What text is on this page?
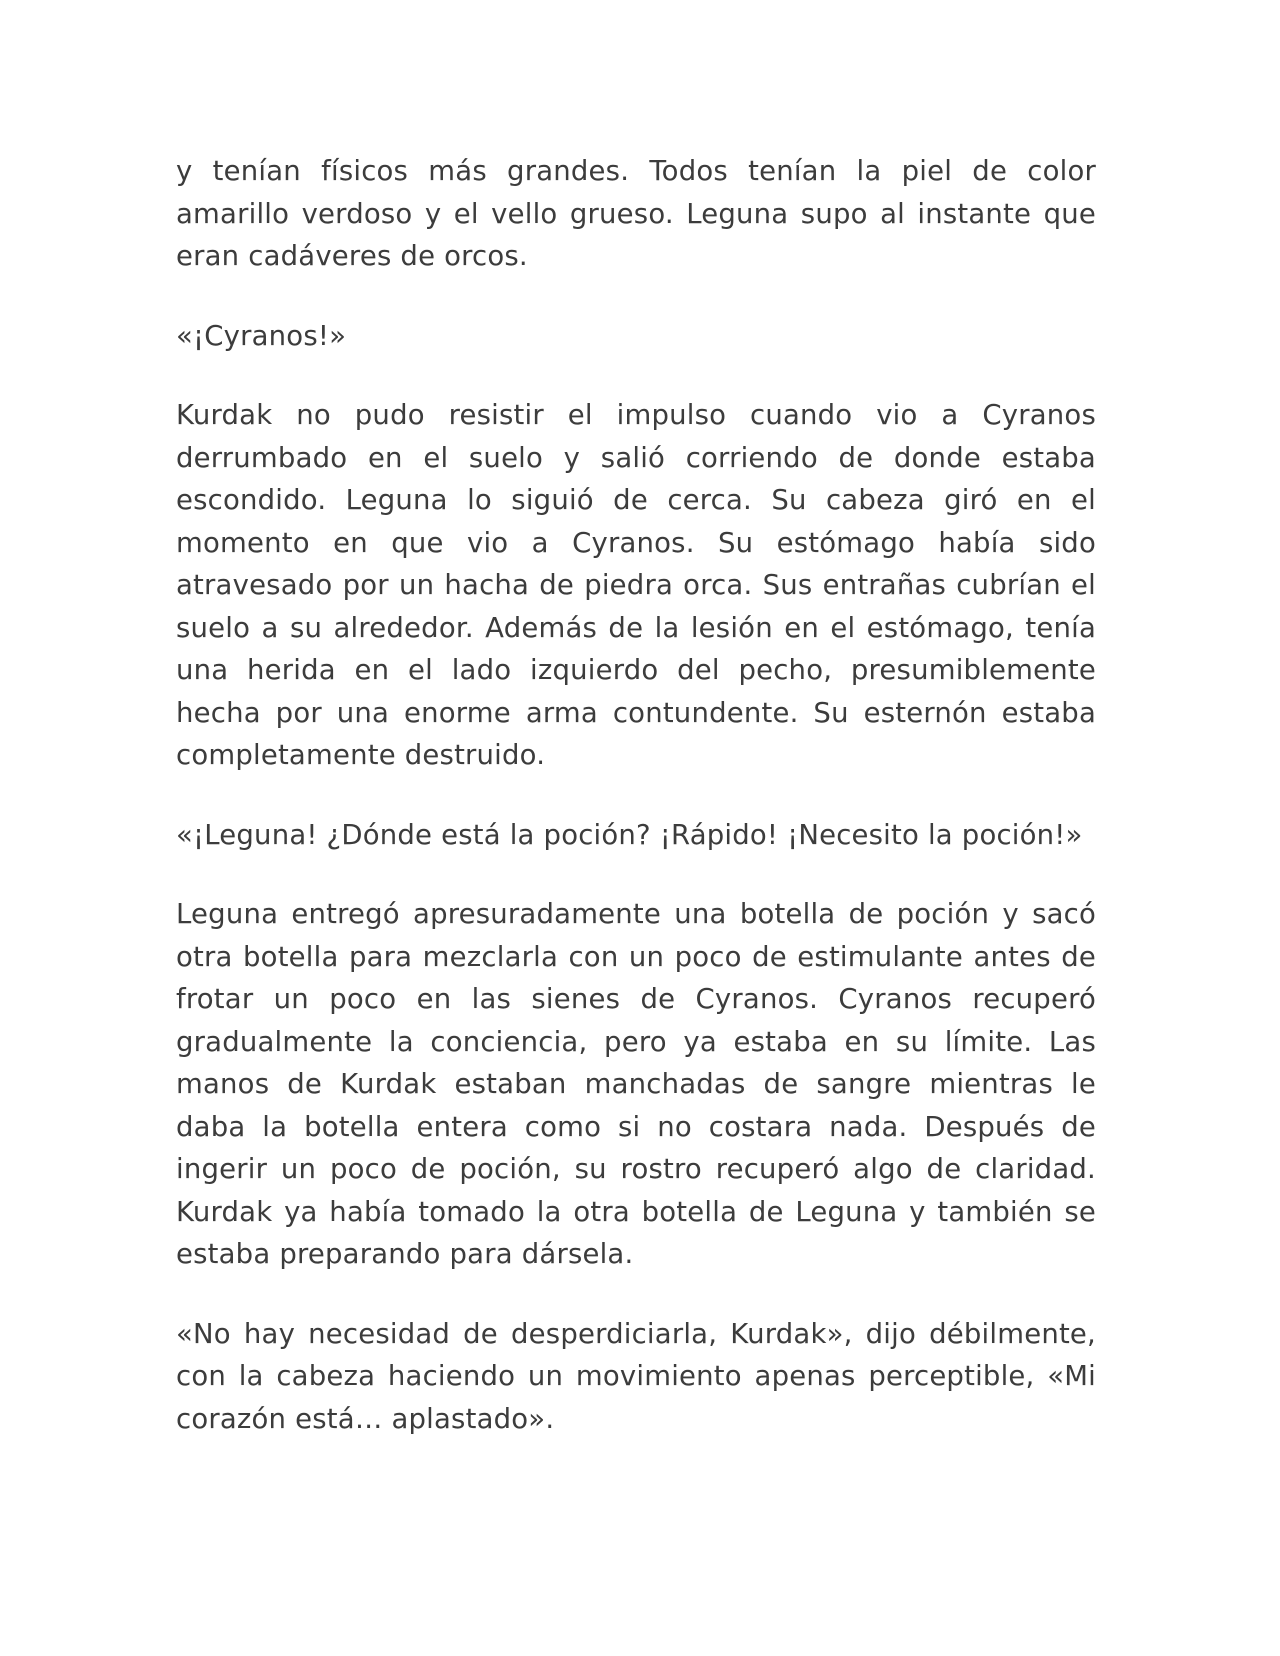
y tenían físicos más grandes. Todos tenían la piel de color amarillo verdoso y el vello grueso. Leguna supo al instante que eran cadáveres de orcos.

«¡Cyranos!»

Kurdak no pudo resistir el impulso cuando vio a Cyranos derrumbado en el suelo y salió corriendo de donde estaba escondido. Leguna lo siguió de cerca. Su cabeza giró en el momento en que vio a Cyranos. Su estómago había sido atravesado por un hacha de piedra orca. Sus entrañas cubrían el suelo a su alrededor. Además de la lesión en el estómago, tenía una herida en el lado izquierdo del pecho, presumiblemente hecha por una enorme arma contundente. Su esternón estaba completamente destruido.

«¡Leguna! ¿Dónde está la poción? ¡Rápido! ¡Necesito la poción!»

Leguna entregó apresuradamente una botella de poción y sacó otra botella para mezclarla con un poco de estimulante antes de frotar un poco en las sienes de Cyranos. Cyranos recuperó gradualmente la conciencia, pero ya estaba en su límite. Las manos de Kurdak estaban manchadas de sangre mientras le daba la botella entera como si no costara nada. Después de ingerir un poco de poción, su rostro recuperó algo de claridad. Kurdak ya había tomado la otra botella de Leguna y también se estaba preparando para dársela.

«No hay necesidad de desperdiciarla, Kurdak», dijo débilmente, con la cabeza haciendo un movimiento apenas perceptible, «Mi corazón está… aplastado».
